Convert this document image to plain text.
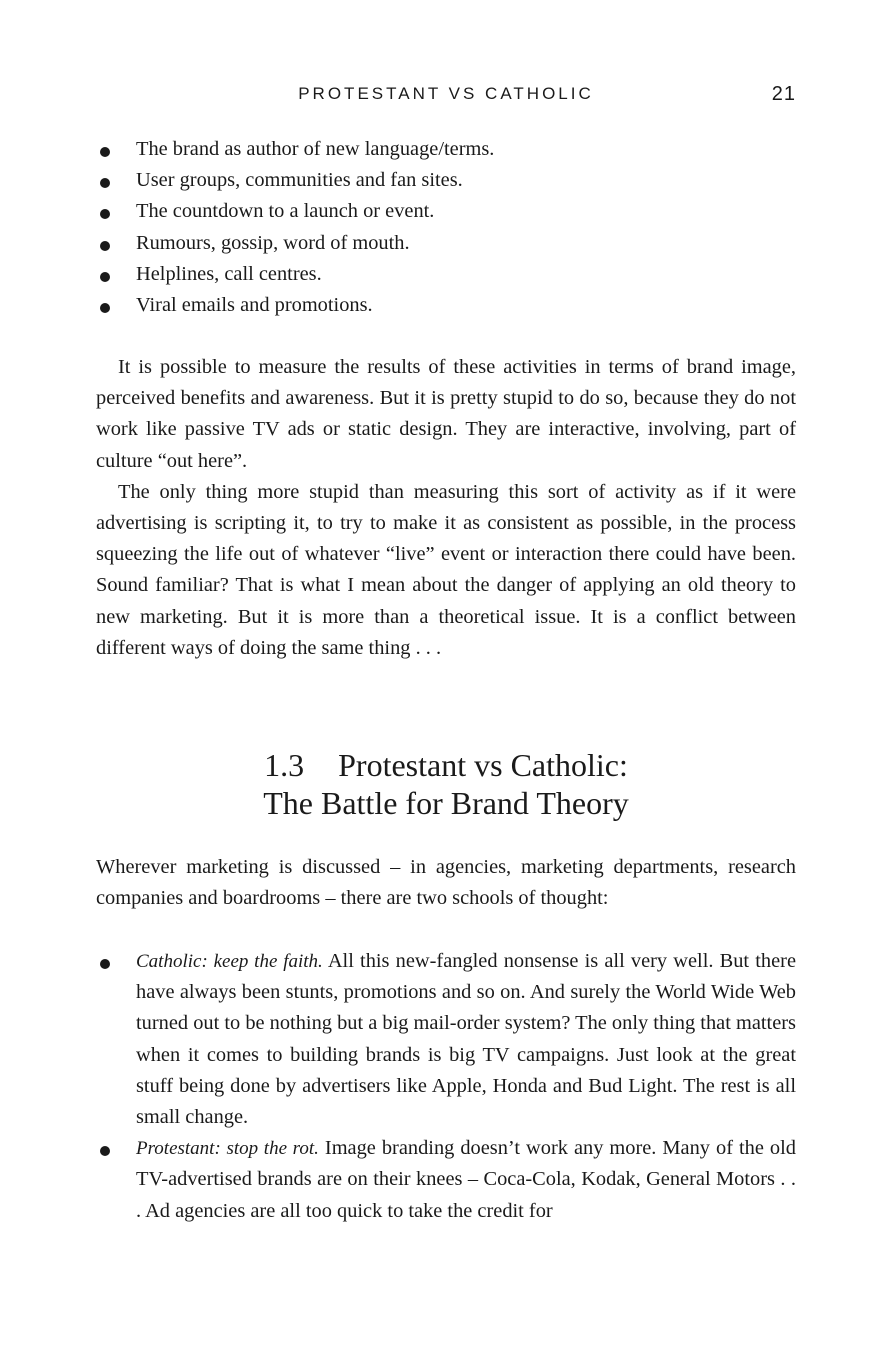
PROTESTANT VS CATHOLIC	21
The brand as author of new language/terms.
User groups, communities and fan sites.
The countdown to a launch or event.
Rumours, gossip, word of mouth.
Helplines, call centres.
Viral emails and promotions.

It is possible to measure the results of these activities in terms of brand image, perceived benefits and awareness. But it is pretty stupid to do so, because they do not work like passive TV ads or static design. They are interactive, involving, part of culture “out here”.

The only thing more stupid than measuring this sort of activity as if it were advertising is scripting it, to try to make it as consistent as possible, in the process squeezing the life out of whatever “live” event or interaction there could have been. Sound familiar? That is what I mean about the danger of applying an old theory to new marketing. But it is more than a theoretical issue. It is a conflict between different ways of doing the same thing . . .

1.3 Protestant vs Catholic:
The Battle for Brand Theory

Wherever marketing is discussed – in agencies, marketing departments, research companies and boardrooms – there are two schools of thought:

Catholic: keep the faith. All this new-fangled nonsense is all very well. But there have always been stunts, promotions and so on. And surely the World Wide Web turned out to be nothing but a big mail-order system? The only thing that matters when it comes to building brands is big TV campaigns. Just look at the great stuff being done by advertisers like Apple, Honda and Bud Light. The rest is all small change.
Protestant: stop the rot. Image branding doesn’t work any more. Many of the old TV-advertised brands are on their knees – Coca-Cola, Kodak, General Motors . . . Ad agencies are all too quick to take the credit for
